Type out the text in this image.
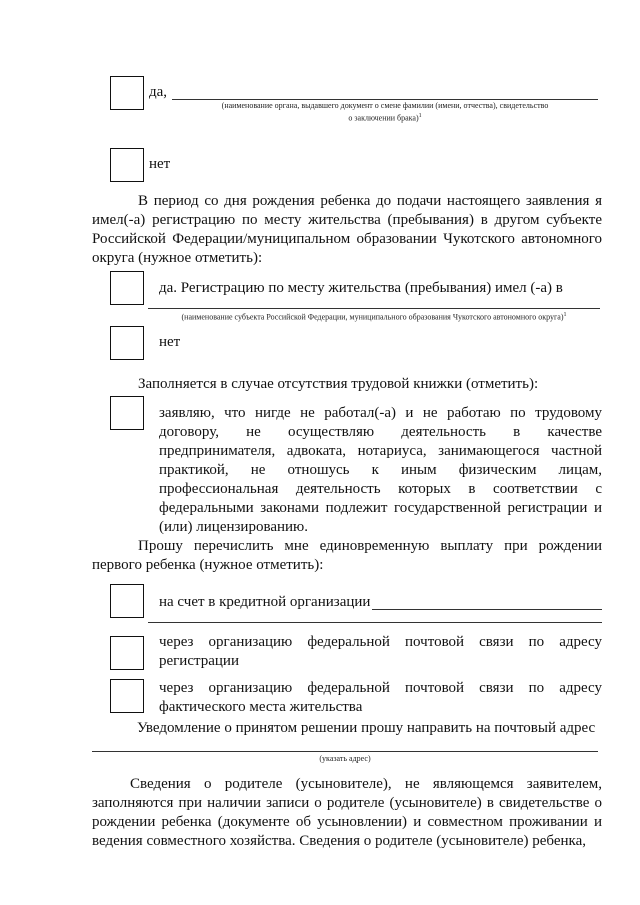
да,
(наименование органа, выдавшего документ о смене фамилии (имени, отчества), свидетельство
о заключении брака)$^1$
нет
В период со дня рождения ребенка до подачи настоящего заявления я имел(-а) регистрацию по месту жительства (пребывания) в другом субъекте Российской Федерации/муниципальном образовании Чукотского автономного округа (нужное отметить):
да. Регистрацию по месту жительства (пребывания) имел (-а) в
(наименование субъекта Российской Федерации, муниципального образования Чукотского автономного округа)$^1$
нет
Заполняется в случае отсутствия трудовой книжки (отметить):
заявляю, что нигде не работал(-а) и не работаю по трудовому договору, не осуществляю деятельность в качестве предпринимателя, адвоката, нотариуса, занимающегося частной практикой, не отношусь к иным физическим лицам, профессиональная деятельность которых в соответствии с федеральными законами подлежит государственной регистрации и (или) лицензированию.
Прошу перечислить мне единовременную выплату при рождении первого ребенка (нужное отметить):
на счет в кредитной организации
через организацию федеральной почтовой связи по адресу регистрации
через организацию федеральной почтовой связи по адресу фактического места жительства
Уведомление о принятом решении прошу направить на почтовый адрес
(указать адрес)
Сведения о родителе (усыновителе), не являющемся заявителем, заполняются при наличии записи о родителе (усыновителе) в свидетельстве о рождении ребенка (документе об усыновлении) и совместном проживании и ведения совместного хозяйства. Сведения о родителе (усыновителе) ребенка,
